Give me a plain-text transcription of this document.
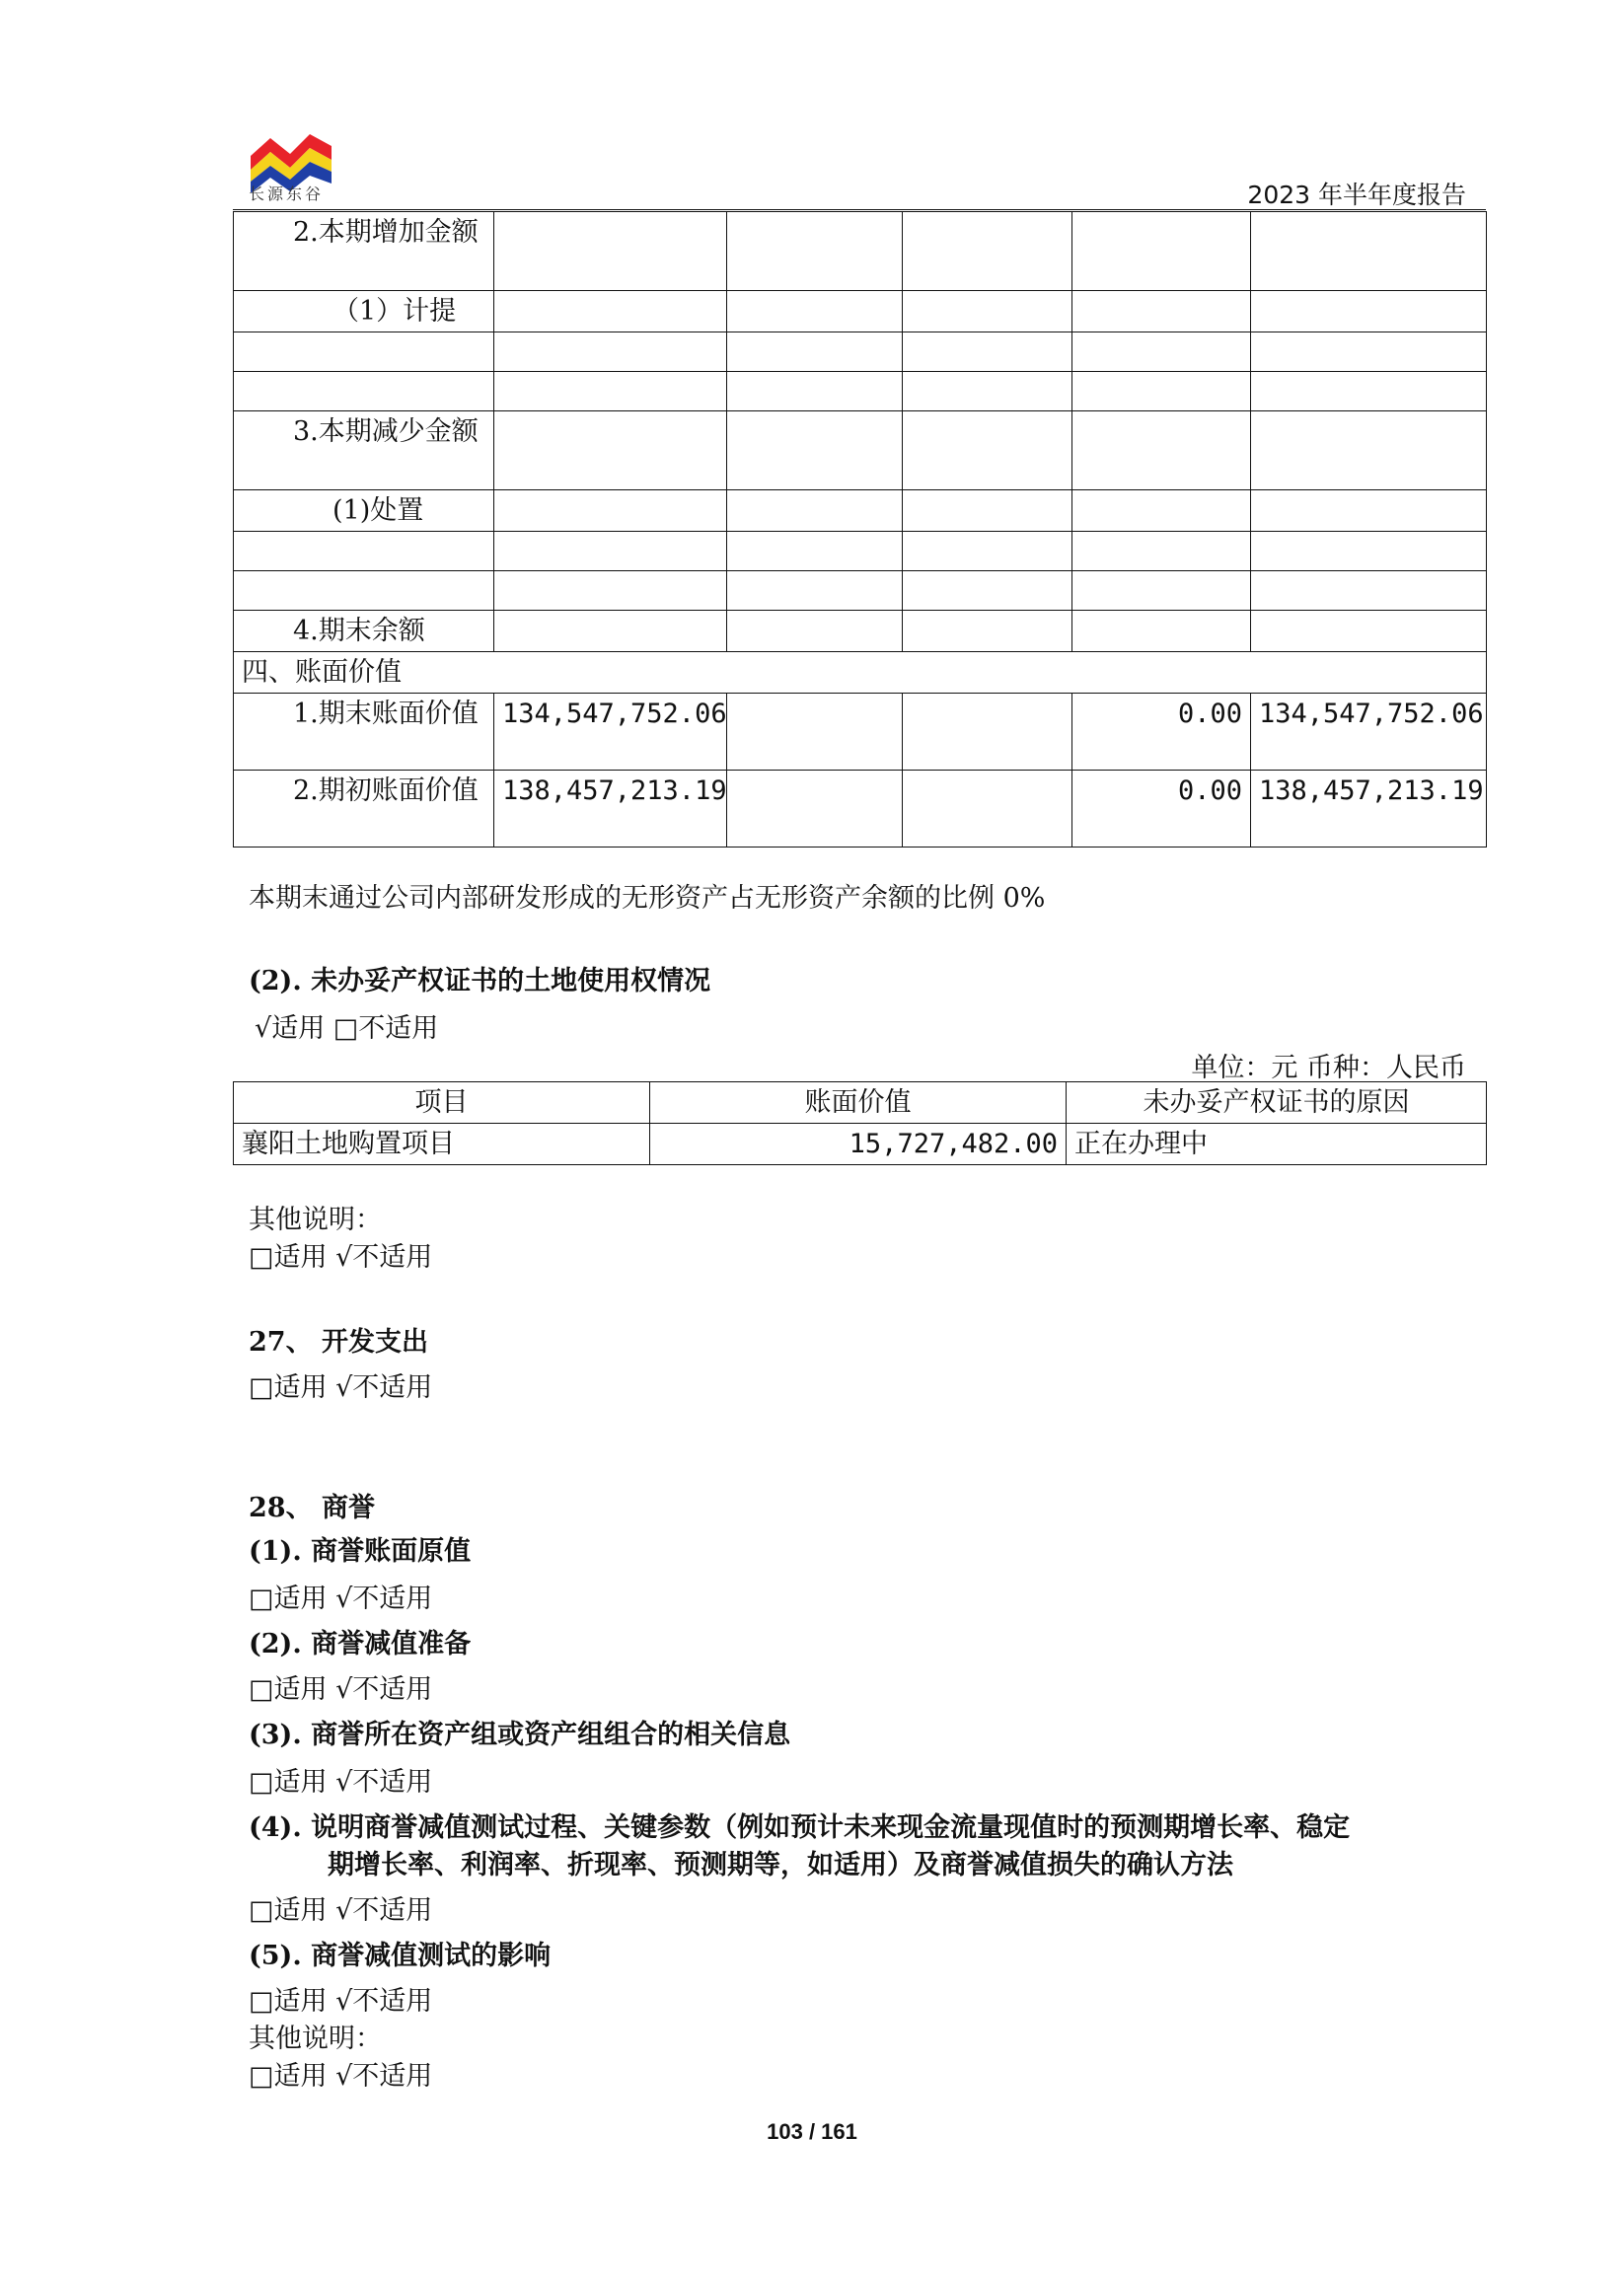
长源东谷	2023 年半年度报告
2.本期增加金额					
（1）计提					

3.本期减少金额					
(1)处置					

4.期末余额					
四、账面价值					
1.期末账面价值	134,547,752.06			0.00	134,547,752.06
2.期初账面价值	138,457,213.19			0.00	138,457,213.19
本期末通过公司内部研发形成的无形资产占无形资产余额的比例 0%
(2). 未办妥产权证书的土地使用权情况
√适用 □不适用
单位：元 币种：人民币
项目	账面价值	未办妥产权证书的原因
襄阳土地购置项目	15,727,482.00	正在办理中
其他说明：
□适用 √不适用
27、 开发支出
□适用 √不适用
28、 商誉
(1). 商誉账面原值
□适用 √不适用
(2). 商誉减值准备
□适用 √不适用
(3). 商誉所在资产组或资产组组合的相关信息
□适用 √不适用
(4). 说明商誉减值测试过程、关键参数（例如预计未来现金流量现值时的预测期增长率、稳定
期增长率、利润率、折现率、预测期等，如适用）及商誉减值损失的确认方法
□适用 √不适用
(5). 商誉减值测试的影响
□适用 √不适用
其他说明：
□适用 √不适用
103 / 161
